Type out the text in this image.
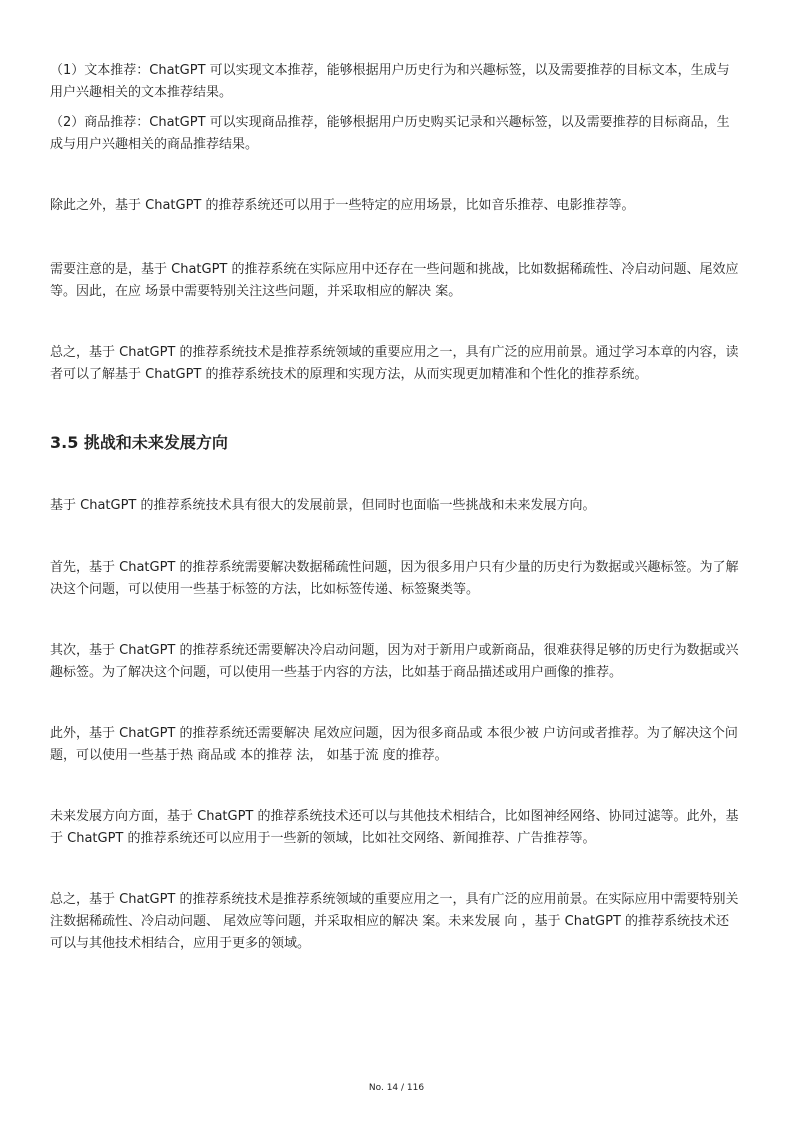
（1）文本推荐：ChatGPT 可以实现文本推荐，能够根据用户历史行为和兴趣标签，以及需要推荐的目标文本，生成与用户兴趣相关的文本推荐结果。

（2）商品推荐：ChatGPT 可以实现商品推荐，能够根据用户历史购买记录和兴趣标签，以及需要推荐的目标商品，生成与用户兴趣相关的商品推荐结果。

除此之外，基于 ChatGPT 的推荐系统还可以用于一些特定的应用场景，比如音乐推荐、电影推荐等。

需要注意的是，基于 ChatGPT 的推荐系统在实际应用中还存在一些问题和挑战，比如数据稀疏性、冷启动问题、尾效应等。因此，在应 场景中需要特别关注这些问题，并采取相应的解决 案。

总之，基于 ChatGPT 的推荐系统技术是推荐系统领域的重要应用之一，具有广泛的应用前景。通过学习本章的内容，读者可以了解基于 ChatGPT 的推荐系统技术的原理和实现方法，从而实现更加精准和个性化的推荐系统。

3.5 挑战和未来发展方向

基于 ChatGPT 的推荐系统技术具有很大的发展前景，但同时也面临一些挑战和未来发展方向。

首先，基于 ChatGPT 的推荐系统需要解决数据稀疏性问题，因为很多用户只有少量的历史行为数据或兴趣标签。为了解决这个问题，可以使用一些基于标签的方法，比如标签传递、标签聚类等。

其次，基于 ChatGPT 的推荐系统还需要解决冷启动问题，因为对于新用户或新商品，很难获得足够的历史行为数据或兴趣标签。为了解决这个问题，可以使用一些基于内容的方法，比如基于商品描述或用户画像的推荐。

此外，基于 ChatGPT 的推荐系统还需要解决 尾效应问题，因为很多商品或 本很少被 户访问或者推荐。为了解决这个问题，可以使用一些基于热 商品或 本的推荐 法， 如基于流 度的推荐。

未来发展方向方面，基于 ChatGPT 的推荐系统技术还可以与其他技术相结合，比如图神经网络、协同过滤等。此外，基于 ChatGPT 的推荐系统还可以应用于一些新的领域，比如社交网络、新闻推荐、广告推荐等。

总之，基于 ChatGPT 的推荐系统技术是推荐系统领域的重要应用之一，具有广泛的应用前景。在实际应用中需要特别关注数据稀疏性、冷启动问题、 尾效应等问题，并采取相应的解决 案。未来发展 向 ，基于 ChatGPT 的推荐系统技术还可以与其他技术相结合，应用于更多的领域。

No. 14 / 116
